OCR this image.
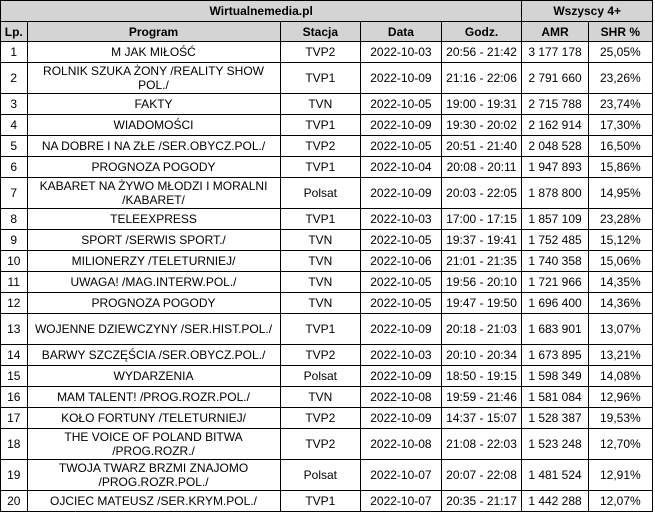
Wirtualnemedia.pl					Wszyscy 4+	
Lp.	Program	Stacja	Data	Godz.	AMR	SHR %
1	M JAK MIŁOŚĆ	TVP2	2022-10-03	20:56 - 21:42	3 177 178	25,05%
2	ROLNIK SZUKA ŻONY /REALITY SHOW POL./	TVP1	2022-10-09	21:16 - 22:06	2 791 660	23,26%
3	FAKTY	TVN	2022-10-05	19:00 - 19:31	2 715 788	23,74%
4	WIADOMOŚCI	TVP1	2022-10-09	19:30 - 20:02	2 162 914	17,30%
5	NA DOBRE I NA ZŁE /SER.OBYCZ.POL./	TVP2	2022-10-05	20:51 - 21:40	2 048 528	16,50%
6	PROGNOZA POGODY	TVP1	2022-10-04	20:08 - 20:11	1 947 893	15,86%
7	KABARET NA ŻYWO MŁODZI I MORALNI /KABARET/	Polsat	2022-10-09	20:03 - 22:05	1 878 800	14,95%
8	TELEEXPRESS	TVP1	2022-10-03	17:00 - 17:15	1 857 109	23,28%
9	SPORT /SERWIS SPORT./	TVN	2022-10-05	19:37 - 19:41	1 752 485	15,12%
10	MILIONERZY /TELETURNIEJ/	TVN	2022-10-06	21:01 - 21:35	1 740 358	15,06%
11	UWAGA! /MAG.INTERW.POL./	TVN	2022-10-05	19:56 - 20:10	1 721 966	14,35%
12	PROGNOZA POGODY	TVN	2022-10-05	19:47 - 19:50	1 696 400	14,36%
13	WOJENNE DZIEWCZYNY /SER.HIST.POL./	TVP1	2022-10-09	20:18 - 21:03	1 683 901	13,07%
14	BARWY SZCZĘŚCIA /SER.OBYCZ.POL./	TVP2	2022-10-03	20:10 - 20:34	1 673 895	13,21%
15	WYDARZENIA	Polsat	2022-10-09	18:50 - 19:15	1 598 349	14,08%
16	MAM TALENT! /PROG.ROZR.POL./	TVN	2022-10-08	19:59 - 21:46	1 581 084	12,96%
17	KOŁO FORTUNY /TELETURNIEJ/	TVP2	2022-10-09	14:37 - 15:07	1 528 387	19,53%
18	THE VOICE OF POLAND BITWA /PROG.ROZR./	TVP2	2022-10-08	21:08 - 22:03	1 523 248	12,70%
19	TWOJA TWARZ BRZMI ZNAJOMO /PROG.ROZR.POL./	Polsat	2022-10-07	20:07 - 22:08	1 481 524	12,91%
20	OJCIEC MATEUSZ /SER.KRYM.POL./	TVP1	2022-10-07	20:35 - 21:17	1 442 288	12,07%
